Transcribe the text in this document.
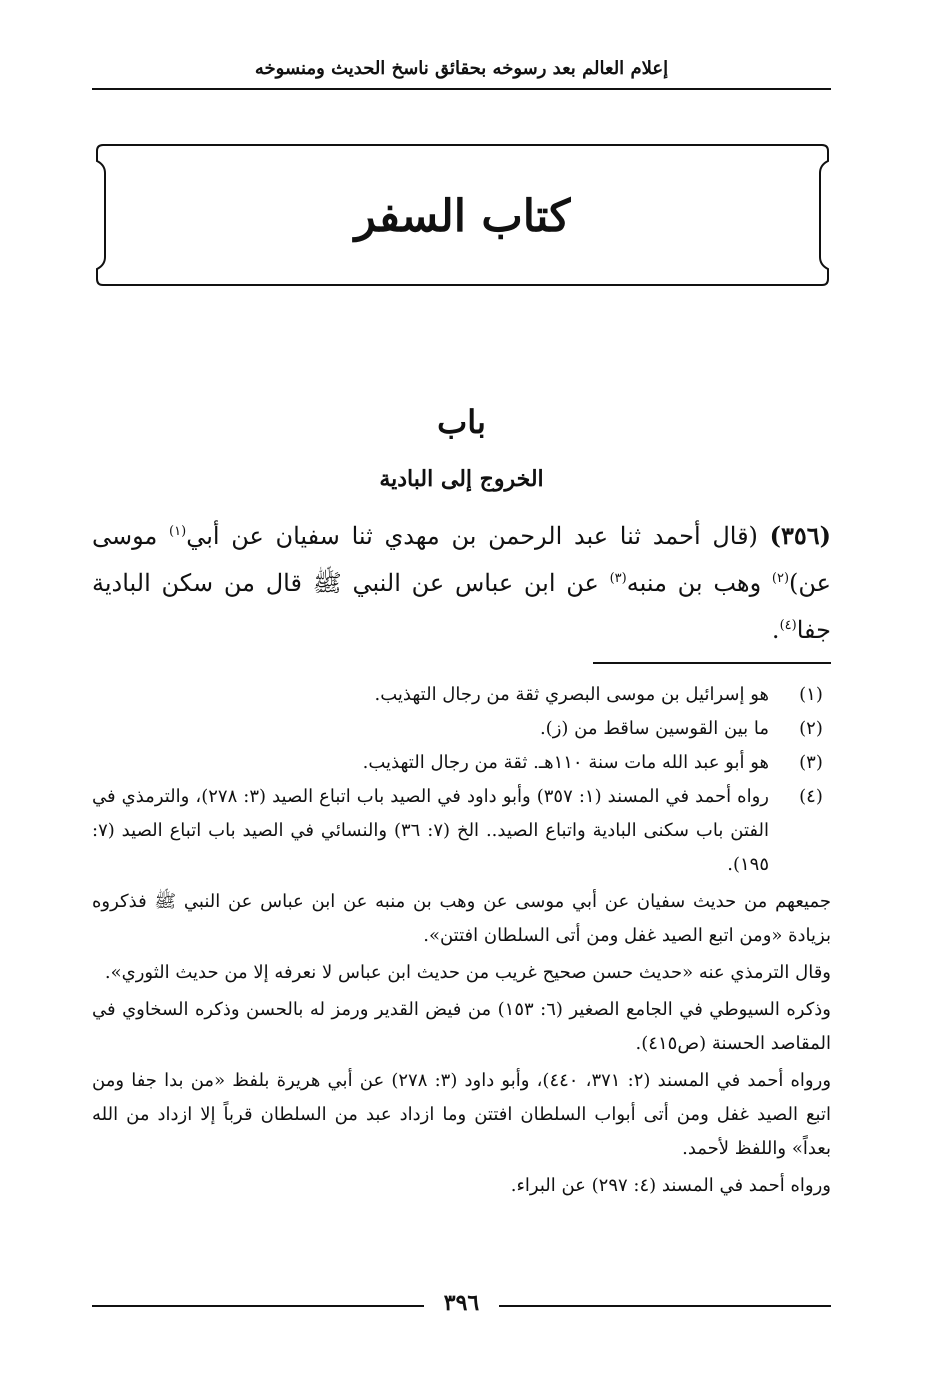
إعلام العالم بعد رسوخه بحقائق ناسخ الحديث ومنسوخه
كتاب السفر
باب
الخروج إلى البادية

(٣٥٦) (قال أحمد ثنا عبد الرحمن بن مهدي ثنا سفيان عن أبي$^{(١)}$ موسى عن)$^{(٢)}$ وهب بن منبه$^{(٣)}$ عن ابن عباس عن النبي ﷺ قال من سكن البادية جفا$^{(٤)}$.

(١)
هو إسرائيل بن موسى البصري ثقة من رجال التهذيب.
(٢)
ما بين القوسين ساقط من (ز).
(٣)
هو أبو عبد الله مات سنة ١١٠هـ. ثقة من رجال التهذيب.
(٤)
رواه أحمد في المسند (١: ٣٥٧) وأبو داود في الصيد باب اتباع الصيد (٣: ٢٧٨)، والترمذي في الفتن باب سكنى البادية واتباع الصيد.. الخ (٧: ٣٦) والنسائي في الصيد باب اتباع الصيد (٧: ١٩٥).
جميعهم من حديث سفيان عن أبي موسى عن وهب بن منبه عن ابن عباس عن النبي ﷺ فذكروه بزيادة «ومن اتبع الصيد غفل ومن أتى السلطان افتتن».
وقال الترمذي عنه «حديث حسن صحيح غريب من حديث ابن عباس لا نعرفه إلا من حديث الثوري».
وذكره السيوطي في الجامع الصغير (٦: ١٥٣) من فيض القدير ورمز له بالحسن وذكره السخاوي في المقاصد الحسنة (ص٤١٥).
ورواه أحمد في المسند (٢: ٣٧١، ٤٤٠)، وأبو داود (٣: ٢٧٨) عن أبي هريرة بلفظ «من بدا جفا ومن اتبع الصيد غفل ومن أتى أبواب السلطان افتتن وما ازداد عبد من السلطان قرباً إلا ازداد من الله بعداً» واللفظ لأحمد.
ورواه أحمد في المسند (٤: ٢٩٧) عن البراء.
٣٩٦
